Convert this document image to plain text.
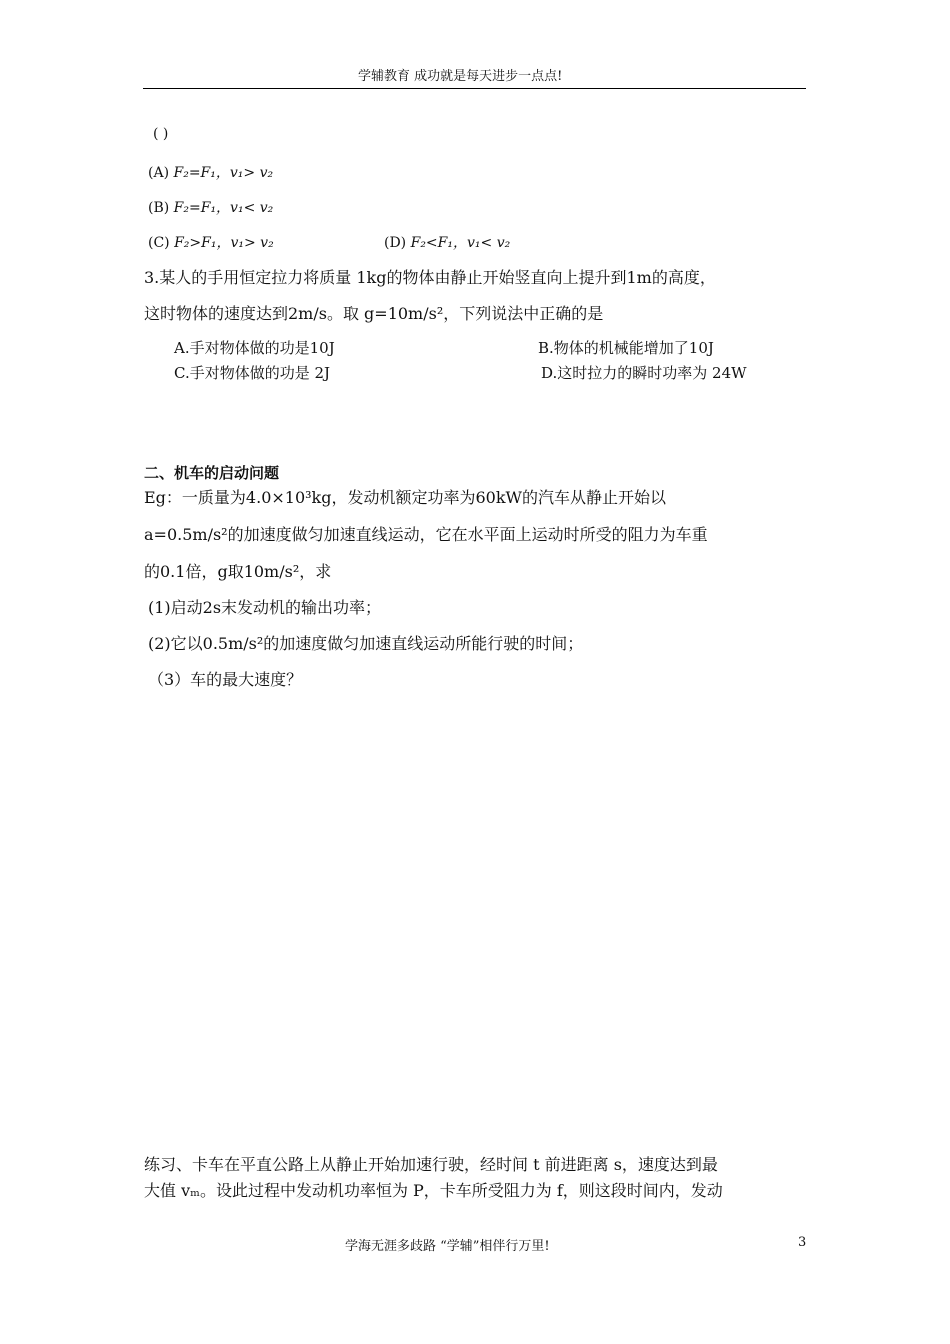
学辅教育 成功就是每天进步一点点!
( )
(A) F₂=F₁，v₁> v₂
(B) F₂=F₁，v₁< v₂
(C) F₂>F₁，v₁> v₂	(D) F₂<F₁，v₁< v₂
3.某人的手用恒定拉力将质量 1kg的物体由静止开始竖直向上提升到1m的高度，
这时物体的速度达到2m/s。取 g=10m/s²，下列说法中正确的是
A.手对物体做的功是10J	B.物体的机械能增加了10J
C.手对物体做的功是 2J	D.这时拉力的瞬时功率为 24W
二、机车的启动问题
Eg：一质量为4.0×10³kg，发动机额定功率为60kW的汽车从静止开始以
a=0.5m/s²的加速度做匀加速直线运动，它在水平面上运动时所受的阻力为车重
的0.1倍，g取10m/s²，求
(1)启动2s末发动机的输出功率；
(2)它以0.5m/s²的加速度做匀加速直线运动所能行驶的时间；
（3）车的最大速度？
练习、卡车在平直公路上从静止开始加速行驶，经时间 t 前进距离 s，速度达到最
大值 vₘ。设此过程中发动机功率恒为 P，卡车所受阻力为 f，则这段时间内，发动
学海无涯多歧路 “学辅”相伴行万里!	3
